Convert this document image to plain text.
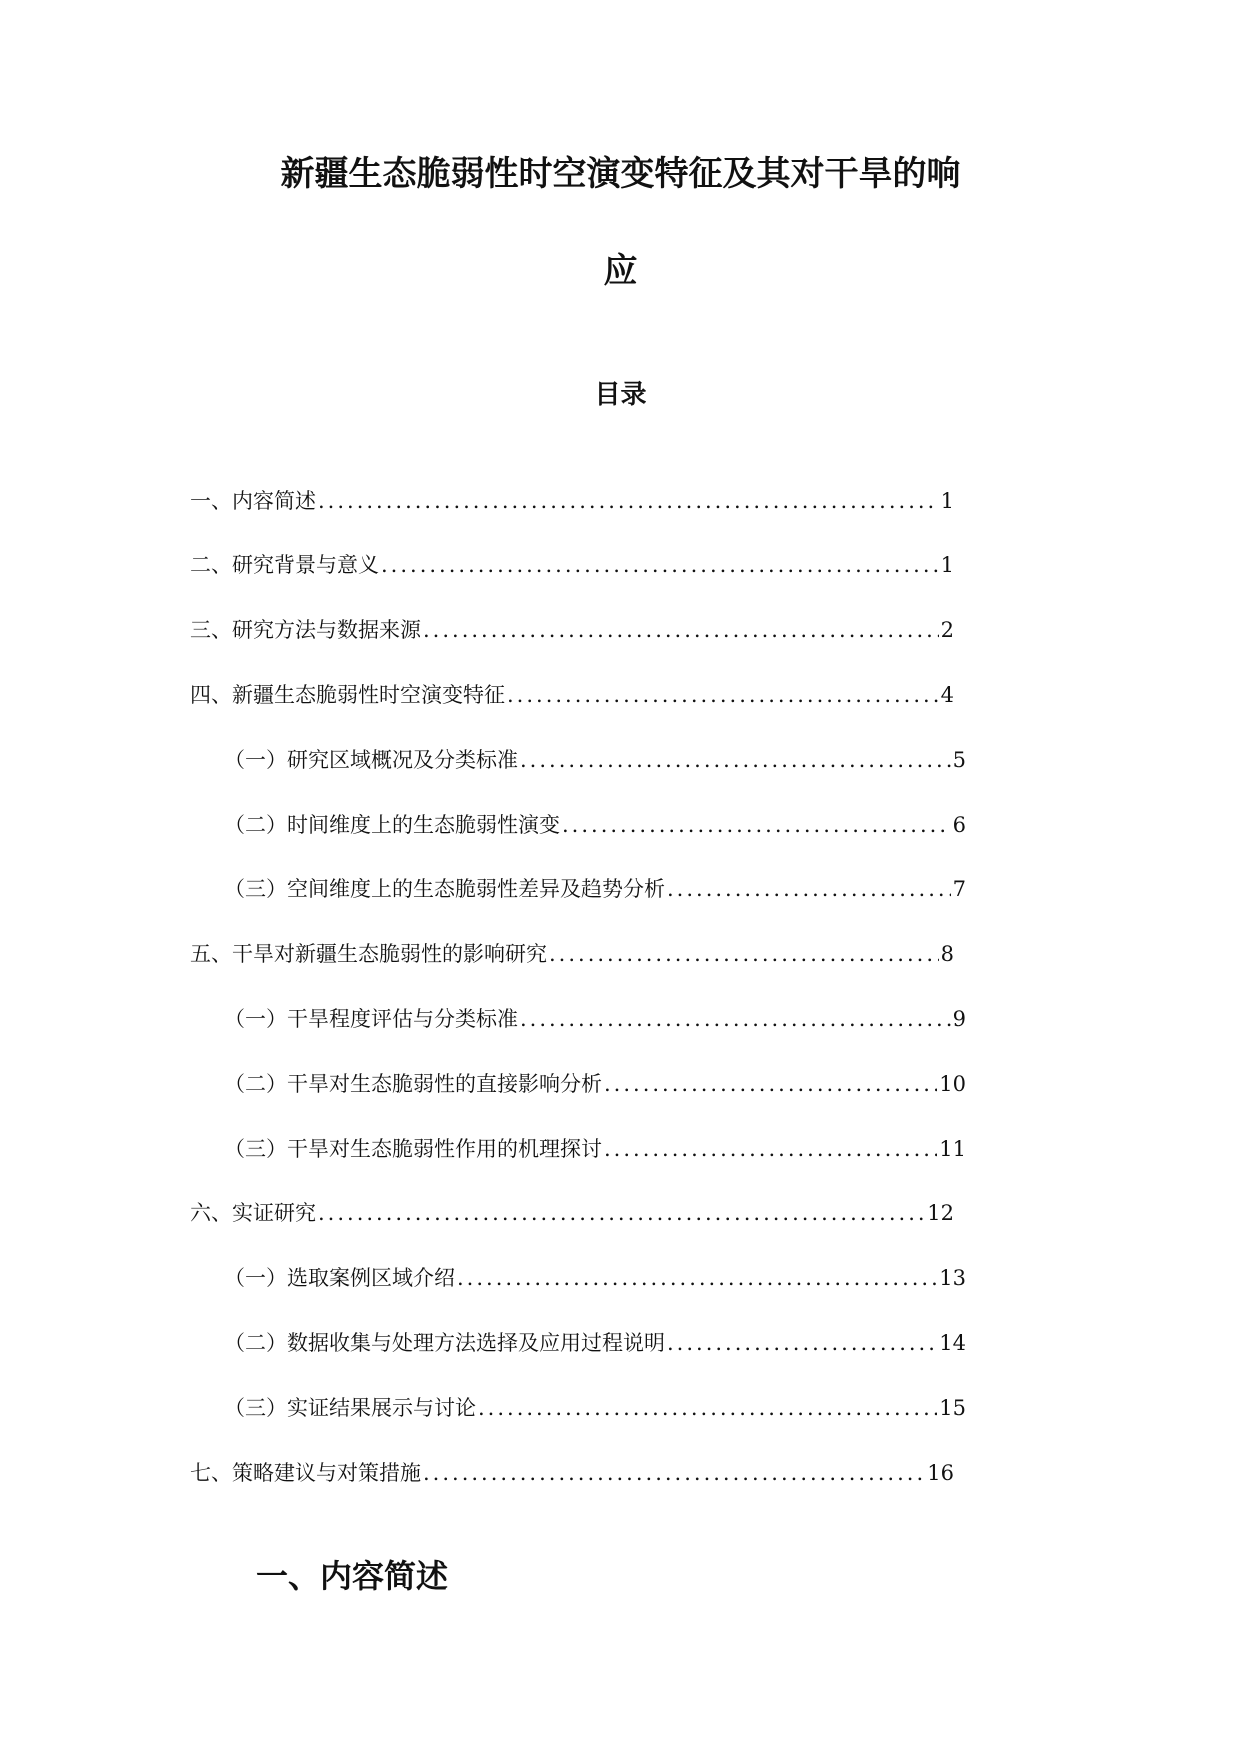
新疆生态脆弱性时空演变特征及其对干旱的响
应
目录
一、内容简述 .....	1
二、研究背景与意义 .....	1
三、研究方法与数据来源 .....	2
四、新疆生态脆弱性时空演变特征 .....	4
（一）研究区域概况及分类标准 .....	5
（二）时间维度上的生态脆弱性演变 .....	6
（三）空间维度上的生态脆弱性差异及趋势分析 .....	7
五、干旱对新疆生态脆弱性的影响研究 .....	8
（一）干旱程度评估与分类标准 .....	9
（二）干旱对生态脆弱性的直接影响分析 .....	10
（三）干旱对生态脆弱性作用的机理探讨 .....	11
六、实证研究 .....	12
（一）选取案例区域介绍 .....	13
（二）数据收集与处理方法选择及应用过程说明 .....	14
（三）实证结果展示与讨论 .....	15
七、策略建议与对策措施 .....	16
一、内容简述
